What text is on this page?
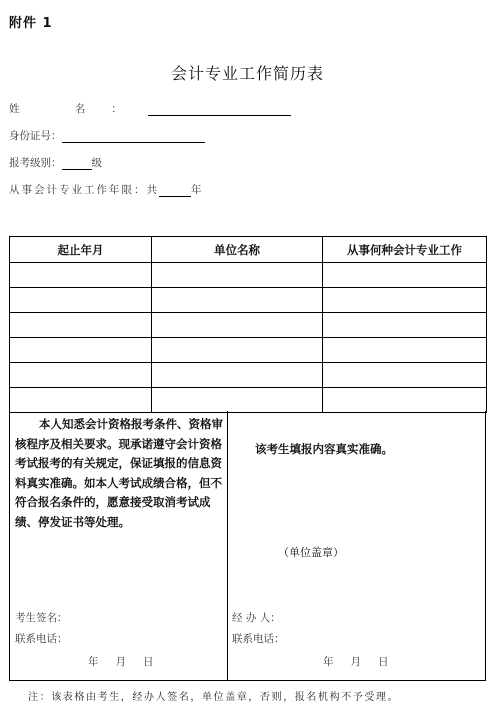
附件 1
会计专业工作简历表
姓 名：
身份证号：
报考级别：	级
从事会计专业工作年限：共	年
起止年月	单位名称	从事何种会计专业工作

本人知悉会计资格报考条件、资格审核程序及相关要求。现承诺遵守会计资格考试报考的有关规定，保证填报的信息资料真实准确。如本人考试成绩合格，但不符合报名条件的，愿意接受取消考试成绩、停发证书等处理。
考生签名：
联系电话：
年 月 日
该考生填报内容真实准确。
（单位盖章）
经 办 人：
联系电话：
年 月 日
注：该表格由考生，经办人签名，单位盖章，否则，报名机构不予受理。
